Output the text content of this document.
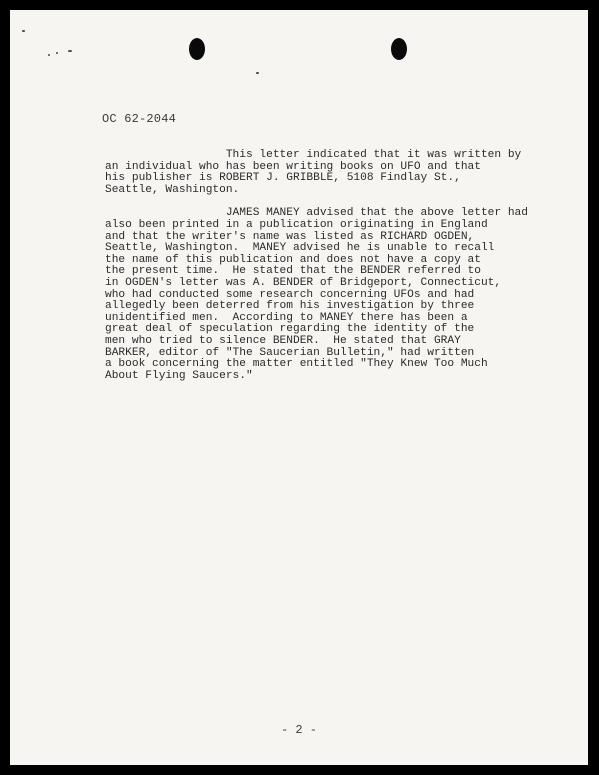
OC 62-2044
This letter indicated that it was written by
an individual who has been writing books on UFO and that
his publisher is ROBERT J. GRIBBLE, 5108 Findlay St.,
Seattle, Washington.
JAMES MANEY advised that the above letter had
also been printed in a publication originating in England
and that the writer's name was listed as RICHARD OGDEN,
Seattle, Washington.  MANEY advised he is unable to recall
the name of this publication and does not have a copy at
the present time.  He stated that the BENDER referred to
in OGDEN's letter was A. BENDER of Bridgeport, Connecticut,
who had conducted some research concerning UFOs and had
allegedly been deterred from his investigation by three
unidentified men.  According to MANEY there has been a
great deal of speculation regarding the identity of the
men who tried to silence BENDER.  He stated that GRAY
BARKER, editor of "The Saucerian Bulletin," had written
a book concerning the matter entitled "They Knew Too Much
About Flying Saucers."
- 2 -
